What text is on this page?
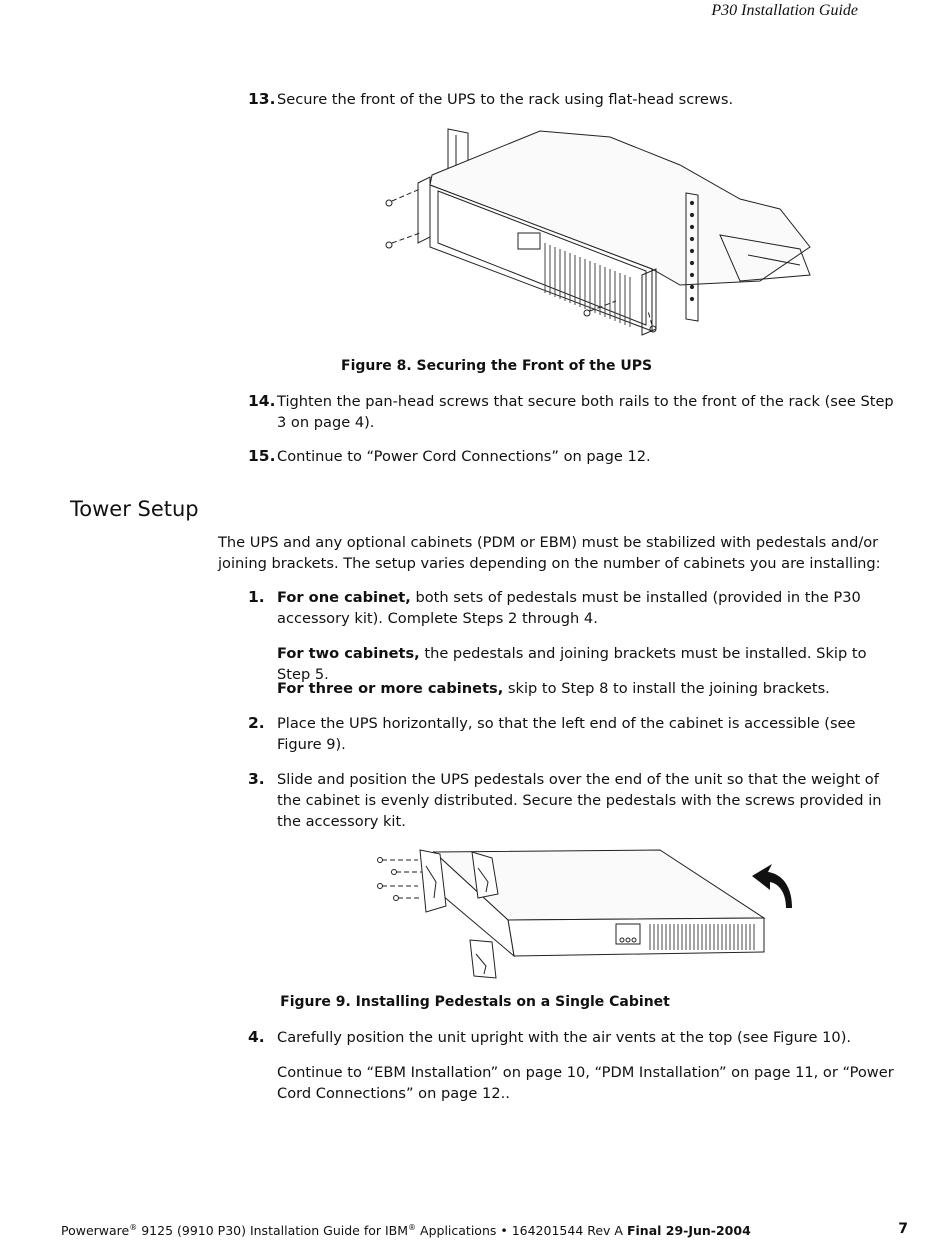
P30 Installation Guide
13. Secure the front of the UPS to the rack using flat-head screws.
Figure 8. Securing the Front of the UPS
14. Tighten the pan-head screws that secure both rails to the front of the rack (see Step 3 on page 4).
15. Continue to “Power Cord Connections” on page 12.
Tower Setup
The UPS and any optional cabinets (PDM or EBM) must be stabilized with pedestals and/or joining brackets. The setup varies depending on the number of cabinets you are installing:
1. For one cabinet, both sets of pedestals must be installed (provided in the P30 accessory kit). Complete Steps 2 through 4.
For two cabinets, the pedestals and joining brackets must be installed. Skip to Step 5.
For three or more cabinets, skip to Step 8 to install the joining brackets.
2. Place the UPS horizontally, so that the left end of the cabinet is accessible (see Figure 9).
3. Slide and position the UPS pedestals over the end of the unit so that the weight of the cabinet is evenly distributed. Secure the pedestals with the screws provided in the accessory kit.
Figure 9. Installing Pedestals on a Single Cabinet
4. Carefully position the unit upright with the air vents at the top (see Figure 10).
Continue to “EBM Installation” on page 10, “PDM Installation” on page 11, or “Power Cord Connections” on page 12..
Powerware® 9125 (9910 P30) Installation Guide for IBM® Applications • 164201544 Rev A Final 29-Jun-2004	7
